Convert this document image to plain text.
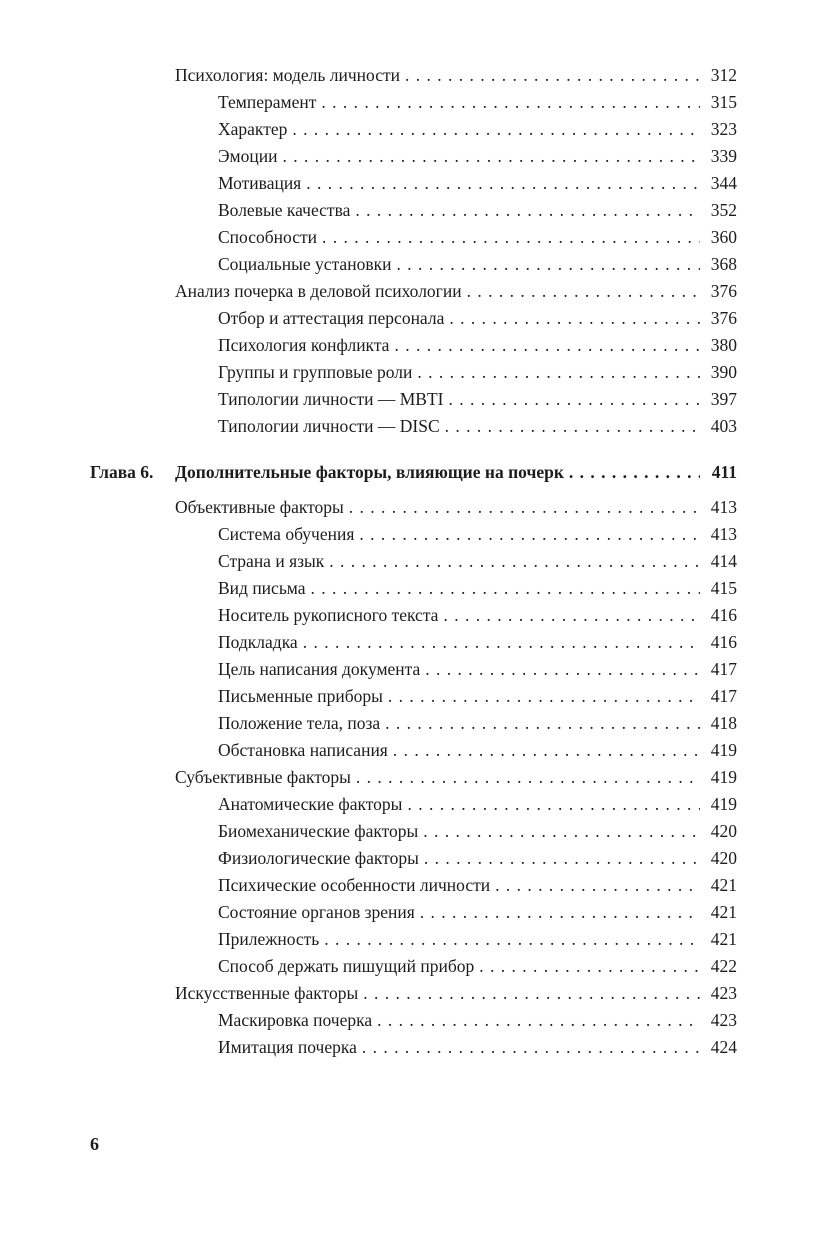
Психология: модель личности . . .	312
Темперамент . . .	315
Характер . . .	323
Эмоции . . .	339
Мотивация . . .	344
Волевые качества . . .	352
Способности . . .	360
Социальные установки . . .	368
Анализ почерка в деловой психологии . . .	376
Отбор и аттестация персонала . . .	376
Психология конфликта . . .	380
Группы и групповые роли . . .	390
Типологии личности — MBTI . . .	397
Типологии личности — DISC . . .	403
Глава 6.	Дополнительные факторы, влияющие на почерк . . .	411
Объективные факторы . . .	413
Система обучения . . .	413
Страна и язык . . .	414
Вид письма . . .	415
Носитель рукописного текста . . .	416
Подкладка . . .	416
Цель написания документа . . .	417
Письменные приборы . . .	417
Положение тела, поза . . .	418
Обстановка написания . . .	419
Субъективные факторы . . .	419
Анатомические факторы . . .	419
Биомеханические факторы . . .	420
Физиологические факторы . . .	420
Психические особенности личности . . .	421
Состояние органов зрения . . .	421
Прилежность . . .	421
Способ держать пишущий прибор . . .	422
Искусственные факторы . . .	423
Маскировка почерка . . .	423
Имитация почерка . . .	424
6
